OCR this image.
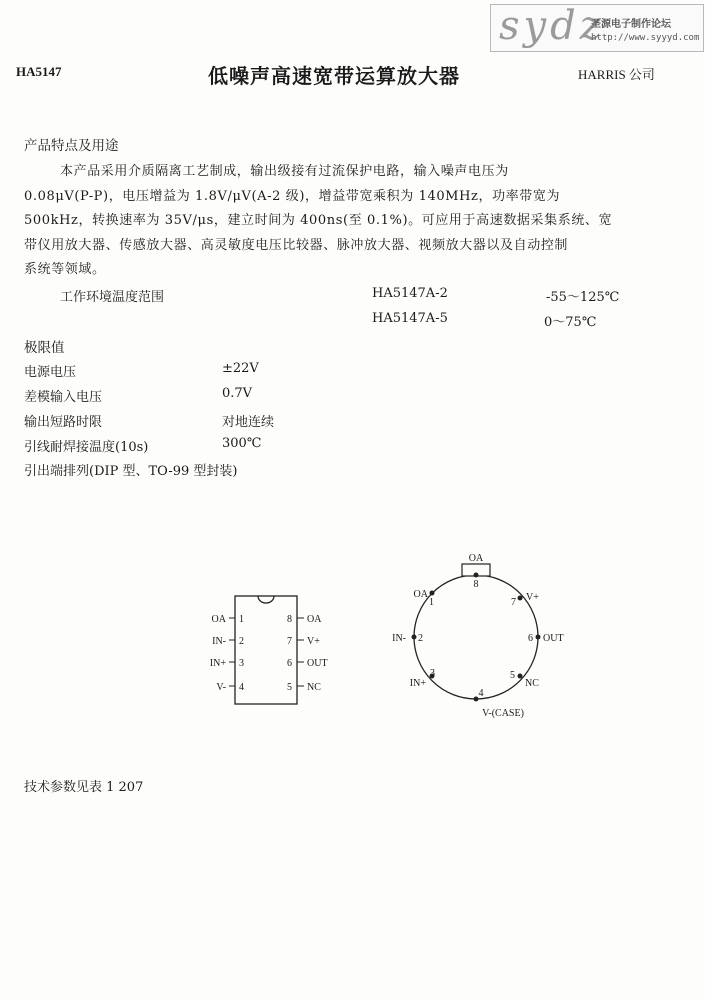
sydz
圣源电子制作论坛
http://www.syyyd.com
HA5147	低噪声高速宽带运算放大器	HARRIS 公司
产品特点及用途
本产品采用介质隔离工艺制成，输出级接有过流保护电路，输入噪声电压为
0.08μV(P-P)，电压增益为 1.8V/μV(A-2 级)，增益带宽乘积为 140MHz，功率带宽为
500kHz，转换速率为 35V/μs，建立时间为 400ns(至 0.1%)。可应用于高速数据采集系统、宽
带仪用放大器、传感放大器、高灵敏度电压比较器、脉冲放大器、视频放大器以及自动控制
系统等领域。
工作环境温度范围	HA5147A-2	-55～125℃
HA5147A-5	0～75℃
极限值
电源电压	±22V
差模输入电压	0.7V
输出短路时限	对地连续
引线耐焊接温度(10s)	300℃
引出端排列(DIP 型、TO-99 型封装)
OA
IN-
IN+
V-
1
2
3
4
8
7
6
5
OA
V+
OUT
NC
OA
8
OA
1
IN- 2
IN+
3
4
V-(CASE)
5
NC
6 OUT
7 V+
技术参数见表 1 207
